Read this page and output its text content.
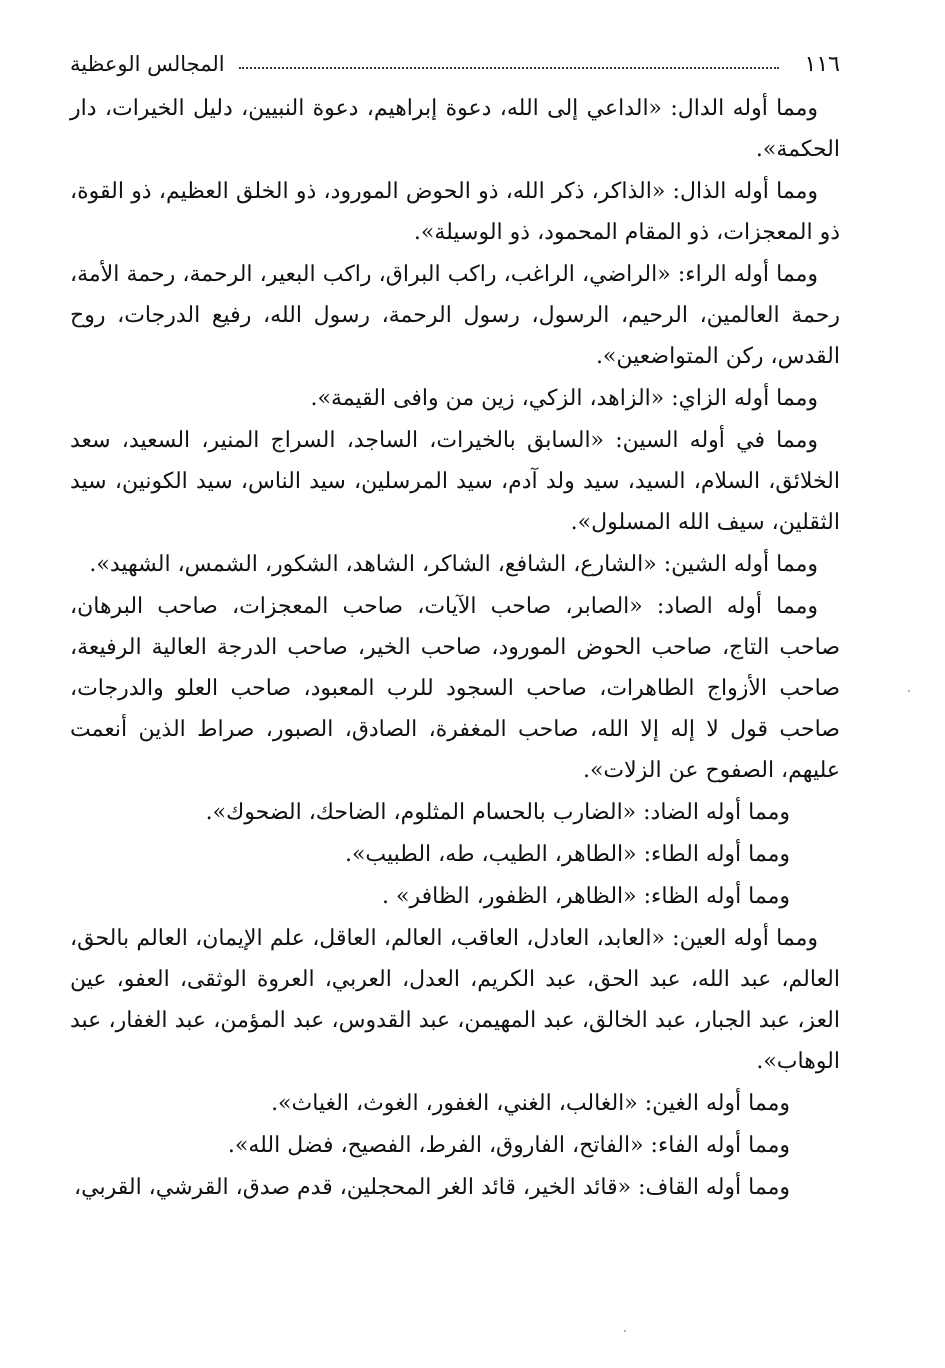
١١٦
المجالس الوعظية

ومما أوله الدال: «الداعي إلى الله، دعوة إبراهيم، دعوة النبيين، دليل الخيرات، دار الحكمة».

ومما أوله الذال: «الذاكر، ذكر الله، ذو الحوض المورود، ذو الخلق العظيم، ذو القوة، ذو المعجزات، ذو المقام المحمود، ذو الوسيلة».

ومما أوله الراء: «الراضي، الراغب، راكب البراق، راكب البعير، الرحمة، رحمة الأمة، رحمة العالمين، الرحيم، الرسول، رسول الرحمة، رسول الله، رفيع الدرجات، روح القدس، ركن المتواضعين».

ومما أوله الزاي: «الزاهد، الزكي، زين من وافى القيمة».

ومما في أوله السين: «السابق بالخيرات، الساجد، السراج المنير، السعيد، سعد الخلائق، السلام، السيد، سيد ولد آدم، سيد المرسلين، سيد الناس، سيد الكونين، سيد الثقلين، سيف الله المسلول».

ومما أوله الشين: «الشارع، الشافع، الشاكر، الشاهد، الشكور، الشمس، الشهيد».

ومما أوله الصاد: «الصابر، صاحب الآيات، صاحب المعجزات، صاحب البرهان، صاحب التاج، صاحب الحوض المورود، صاحب الخير، صاحب الدرجة العالية الرفيعة، صاحب الأزواج الطاهرات، صاحب السجود للرب المعبود، صاحب العلو والدرجات، صاحب قول لا إله إلا الله، صاحب المغفرة، الصادق، الصبور، صراط الذين أنعمت عليهم، الصفوح عن الزلات».

ومما أوله الضاد: «الضارب بالحسام المثلوم، الضاحك، الضحوك».

ومما أوله الطاء: «الطاهر، الطيب، طه، الطبيب».

ومما أوله الظاء: «الظاهر، الظفور، الظافر» .

ومما أوله العين: «العابد، العادل، العاقب، العالم، العاقل، علم الإيمان، العالم بالحق، العالم، عبد الله، عبد الحق، عبد الكريم، العدل، العربي، العروة الوثقى، العفو، عين العز، عبد الجبار، عبد الخالق، عبد المهيمن، عبد القدوس، عبد المؤمن، عبد الغفار، عبد الوهاب».

ومما أوله الغين: «الغالب، الغني، الغفور، الغوث، الغياث».

ومما أوله الفاء: «الفاتح، الفاروق، الفرط، الفصيح، فضل الله».

ومما أوله القاف: «قائد الخير، قائد الغر المحجلين، قدم صدق، القرشي، القربي،
